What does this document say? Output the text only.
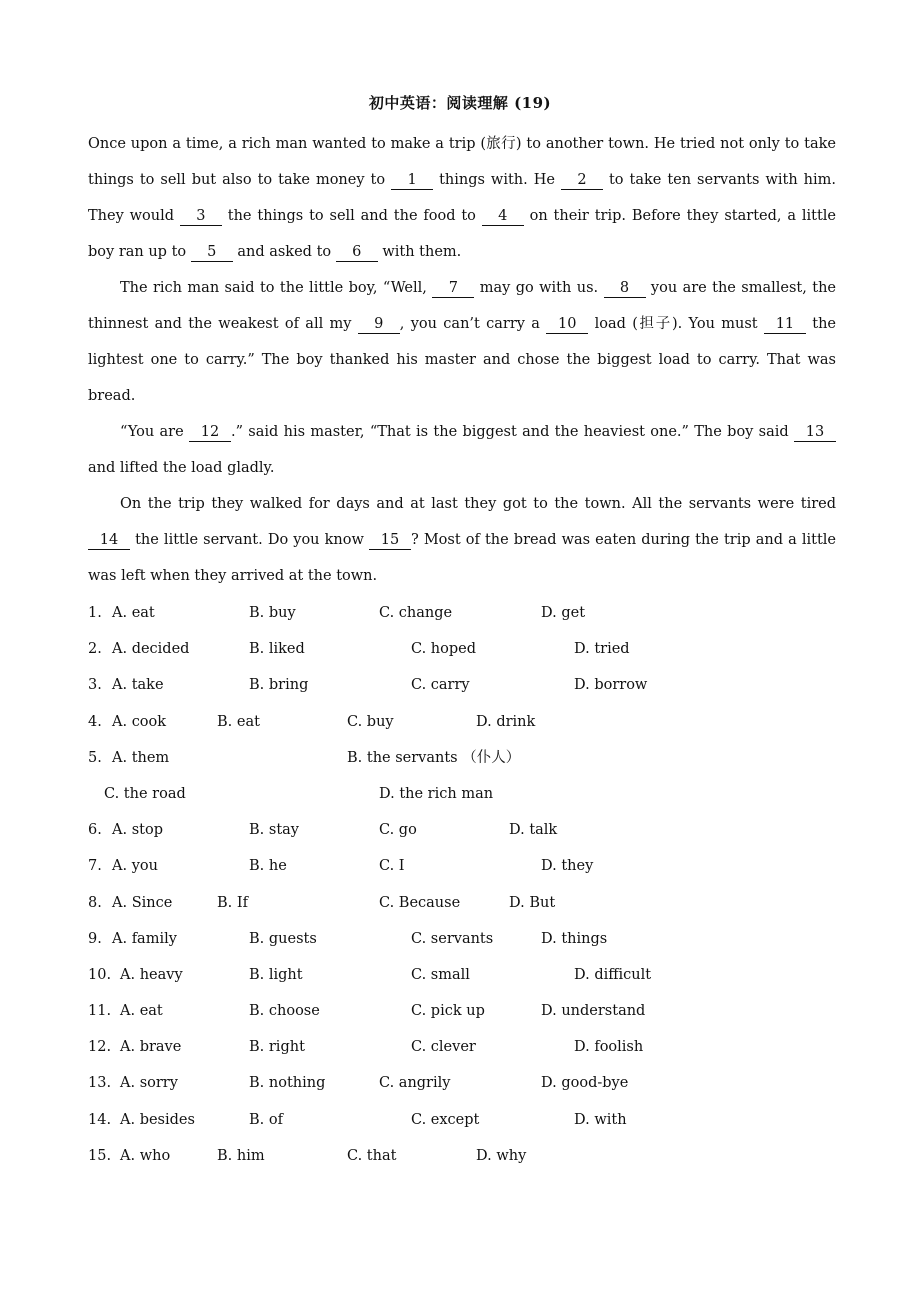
初中英语：阅读理解 (19)

Once upon a time, a rich man wanted to make a trip (旅行) to another town. He tried not only to take things to sell but also to take money to 1 things with. He 2 to take ten servants with him. They would 3 the things to sell and the food to 4 on their trip. Before they started, a little boy ran up to 5 and asked to 6 with them.

The rich man said to the little boy, “Well, 7 may go with us. 8 you are the smallest, the thinnest and the weakest of all my 9 , you can’t carry a 10 load (担子). You must 11 the lightest one to carry.” The boy thanked his master and chose the biggest load to carry. That was bread.

“You are 12 .” said his master, “That is the biggest and the heaviest one.” The boy said 13 and lifted the load gladly.

On the trip they walked for days and at last they got to the town. All the servants were tired 14 the little servant. Do you know 15 ? Most of the bread was eaten during the trip and a little was left when they arrived at the town.

1. A. eat	B. buy	C. change	D. get
2. A. decided	B. liked	C. hoped	D. tried
3. A. take	B. bring	C. carry	D. borrow
4. A. cook	B. eat	C. buy	D. drink
5. A. them	B. the servants （仆人）
C. the road	D. the rich man
6. A. stop	B. stay	C. go	D. talk
7. A. you	B. he	C. I	D. they
8. A. Since	B. If	C. Because	D. But
9. A. family	B. guests	C. servants	D. things
10. A. heavy	B. light	C. small	D. difficult
11. A. eat	B. choose	C. pick up	D. understand
12. A. brave	B. right	C. clever	D. foolish
13. A. sorry	B. nothing	C. angrily	D. good-bye
14. A. besides	B. of	C. except	D. with
15. A. who	B. him	C. that	D. why
